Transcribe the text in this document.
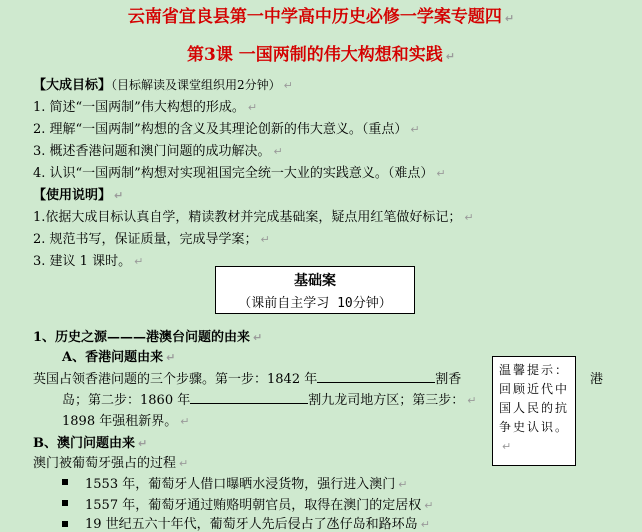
云南省宜良县第一中学高中历史必修一学案专题四 ↵
第3课 一国两制的伟大构想和实践 ↵
【大成目标】（目标解读及课堂组织用2分钟） ↵
1. 简述“一国两制”伟大构想的形成。 ↵
2. 理解“一国两制”构想的含义及其理论创新的伟大意义。（重点） ↵
3. 概述香港问题和澳门问题的成功解决。 ↵
4. 认识“一国两制”构想对实现祖国完全统一大业的实践意义。（难点） ↵
【使用说明】 ↵
1.依据大成目标认真自学，精读教材并完成基础案，疑点用红笔做好标记； ↵
2. 规范书写，保证质量，完成导学案； ↵
3. 建议 1 课时。 ↵
基础案
（课前自主学习 10分钟）
1、历史之源———港澳台问题的由来 ↵
A、香港问题由来 ↵
英国占领香港问题的三个步骤。第一步：1842 年	割香
岛；第二步：1860 年	割九龙司地方区；第三步： ↵
1898 年强租新界。 ↵
温馨提示：回顾近代中国人民的抗争史认识。↵
港
B、澳门问题由来 ↵
澳门被葡萄牙强占的过程 ↵
1553 年，葡萄牙人借口曝晒水浸货物，强行进入澳门 ↵
1557 年，葡萄牙通过贿赂明朝官员，取得在澳门的定居权 ↵
19 世纪五六十年代，葡萄牙人先后侵占了氹仔岛和路环岛 ↵
